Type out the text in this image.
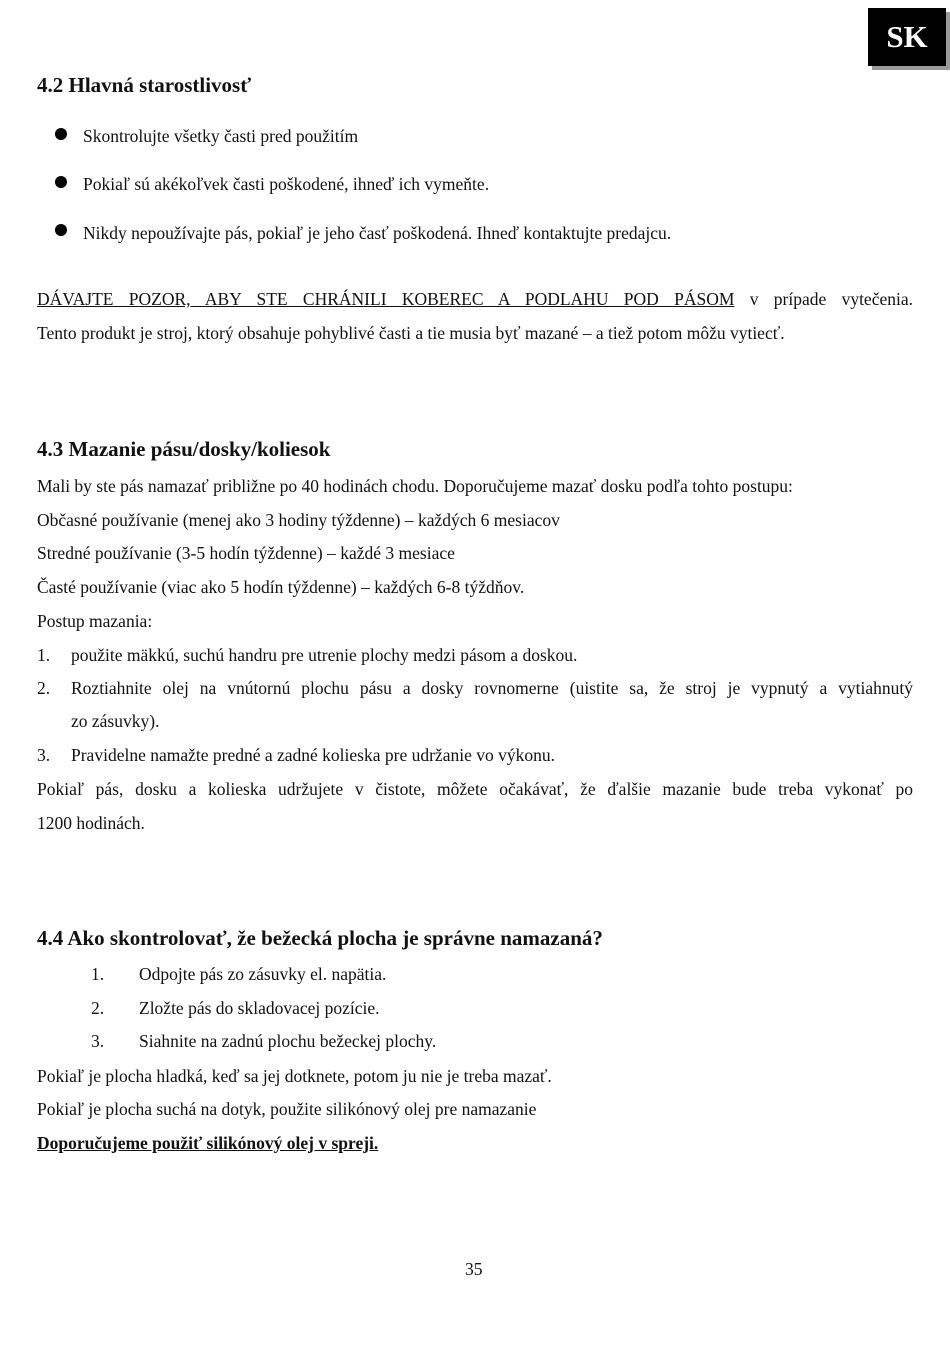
SK
4.2 Hlavná starostlivosť
Skontrolujte všetky časti pred použitím
Pokiaľ sú akékoľvek časti poškodené, ihneď ich vymeňte.
Nikdy nepoužívajte pás, pokiaľ je jeho časť poškodená. Ihneď kontaktujte predajcu.
DÁVAJTE POZOR, ABY STE CHRÁNILI KOBEREC A PODLAHU POD PÁSOM v prípade vytečenia.
Tento produkt je stroj, ktorý obsahuje pohyblivé časti a tie musia byť mazané – a tiež potom môžu vytiecť.
4.3 Mazanie pásu/dosky/koliesok
Mali by ste pás namazať približne po 40 hodinách chodu. Doporučujeme mazať dosku podľa tohto postupu:
Občasné používanie (menej ako 3 hodiny týždenne) – každých 6 mesiacov
Stredné používanie (3-5 hodín týždenne) – každé 3 mesiace
Časté používanie (viac ako 5 hodín týždenne) – každých 6-8 týždňov.
Postup mazania:
1. použite mäkkú, suchú handru pre utrenie plochy medzi pásom a doskou.
2. Roztiahnite olej na vnútornú plochu pásu a dosky rovnomerne (uistite sa, že stroj je vypnutý a vytiahnutý
zo zásuvky).
3. Pravidelne namažte predné a zadné kolieska pre udržanie vo výkonu.
Pokiaľ pás, dosku a kolieska udržujete v čistote, môžete očakávať, že ďalšie mazanie bude treba vykonať po
1200 hodinách.
4.4 Ako skontrolovať, že bežecká plocha je správne namazaná?
1. Odpojte pás zo zásuvky el. napätia.
2. Zložte pás do skladovacej pozície.
3. Siahnite na zadnú plochu bežeckej plochy.
Pokiaľ je plocha hladká, keď sa jej dotknete, potom ju nie je treba mazať.
Pokiaľ je plocha suchá na dotyk, použite silikónový olej pre namazanie
Doporučujeme použiť silikónový olej v spreji.
35
